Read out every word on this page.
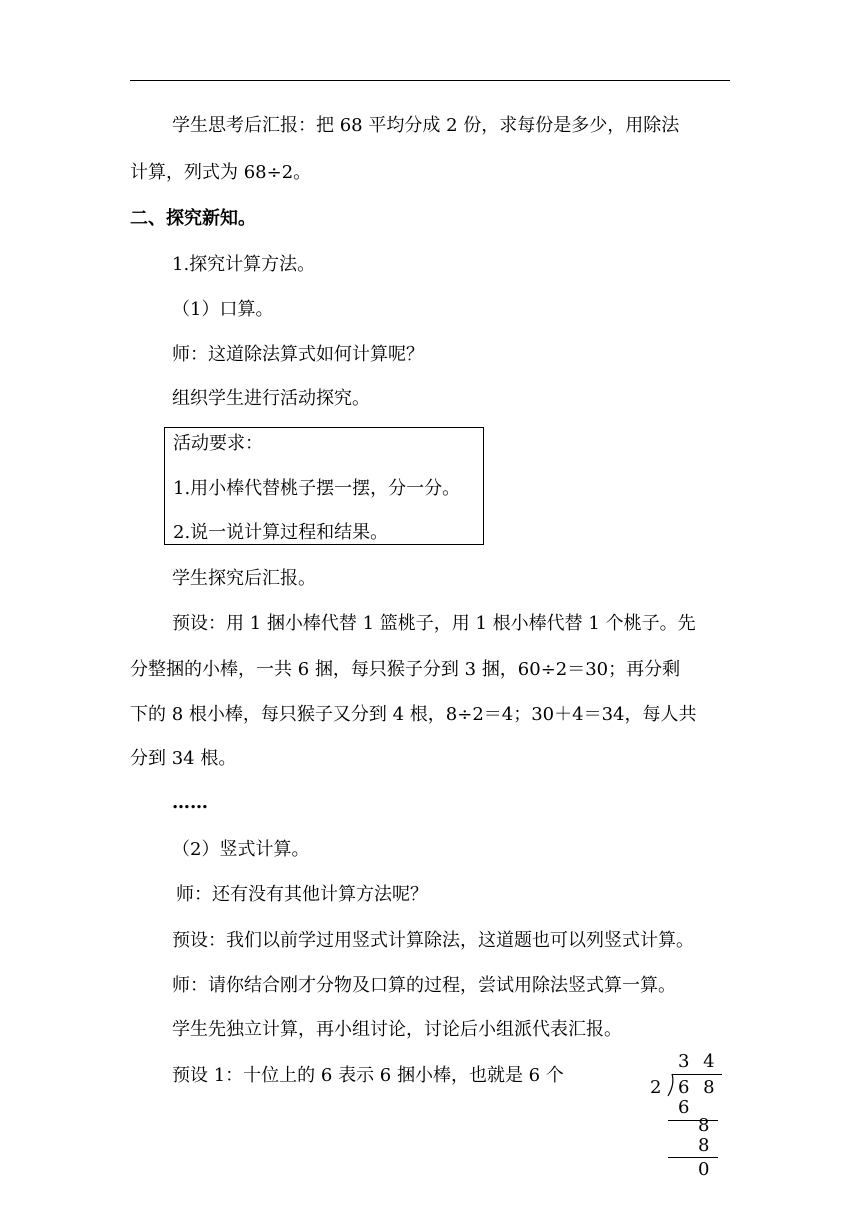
学生思考后汇报：把 68 平均分成 2 份，求每份是多少，用除法
计算，列式为 68÷2。
二、探究新知。
1.探究计算方法。
（1）口算。
师：这道除法算式如何计算呢？
组织学生进行活动探究。
活动要求：
1.用小棒代替桃子摆一摆，分一分。
2.说一说计算过程和结果。
学生探究后汇报。
预设：用 1 捆小棒代替 1 篮桃子，用 1 根小棒代替 1 个桃子。先
分整捆的小棒，一共 6 捆，每只猴子分到 3 捆，60÷2＝30；再分剩
下的 8 根小棒，每只猴子又分到 4 根，8÷2＝4；30＋4＝34，每人共
分到 34 根。
……
（2）竖式计算。
师：还有没有其他计算方法呢？
预设：我们以前学过用竖式计算除法，这道题也可以列竖式计算。
师：请你结合刚才分物及口算的过程，尝试用除法竖式算一算。
学生先独立计算，再小组讨论，讨论后小组派代表汇报。
预设 1：十位上的 6 表示 6 捆小棒，也就是 6 个
3 4
2 6 8
6
8
8
0
